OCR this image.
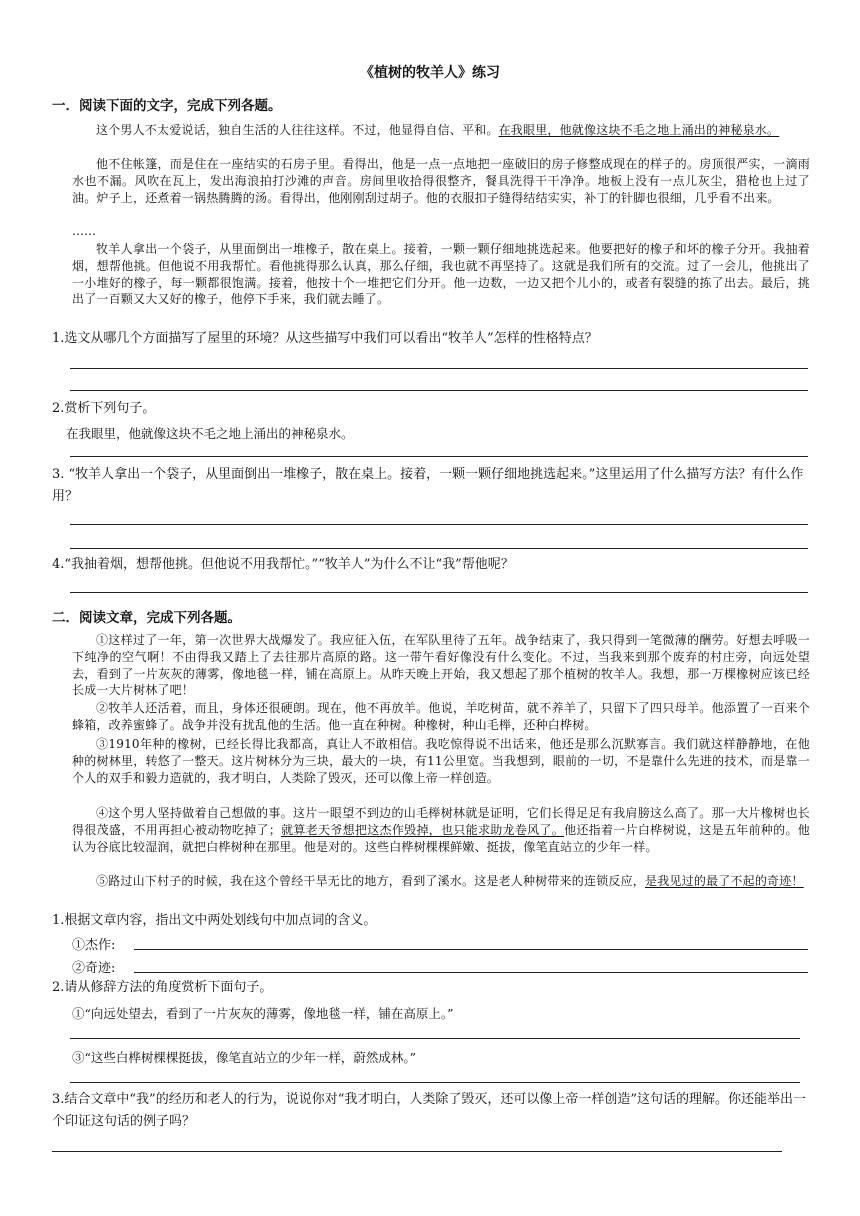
《植树的牧羊人》练习
一．阅读下面的文字，完成下列各题。

这个男人不太爱说话，独自生活的人往往这样。不过，他显得自信、平和。在我眼里，他就像这块不毛之地上涌出的神秘泉水。

他不住帐篷，而是住在一座结实的石房子里。看得出，他是一点一点地把一座破旧的房子修整成现在的样子的。房顶很严实，一滴雨水也不漏。风吹在瓦上，发出海浪拍打沙滩的声音。房间里收拾得很整齐，餐具洗得干干净净。地板上没有一点儿灰尘，猎枪也上过了油。炉子上，还煮着一锅热腾腾的汤。看得出，他刚刚刮过胡子。他的衣服扣子缝得结结实实，补丁的针脚也很细，几乎看不出来。

……

牧羊人拿出一个袋子，从里面倒出一堆橡子，散在桌上。接着，一颗一颗仔细地挑选起来。他要把好的橡子和坏的橡子分开。我抽着烟，想帮他挑。但他说不用我帮忙。看他挑得那么认真，那么仔细，我也就不再坚持了。这就是我们所有的交流。过了一会儿，他挑出了一小堆好的橡子，每一颗都很饱满。接着，他按十个一堆把它们分开。他一边数，一边又把个儿小的，或者有裂缝的拣了出去。最后，挑出了一百颗又大又好的橡子，他停下手来，我们就去睡了。

1.选文从哪几个方面描写了屋里的环境？从这些描写中我们可以看出“牧羊人”怎样的性格特点？

2.赏析下列句子。

在我眼里，他就像这块不毛之地上涌出的神秘泉水。

3. “牧羊人拿出一个袋子，从里面倒出一堆橡子，散在桌上。接着，一颗一颗仔细地挑选起来。”这里运用了什么描写方法？有什么作用？

4.“我抽着烟，想帮他挑。但他说不用我帮忙。”“牧羊人”为什么不让“我”帮他呢？

二．阅读文章，完成下列各题。

①这样过了一年，第一次世界大战爆发了。我应征入伍，在军队里待了五年。战争结束了，我只得到一笔微薄的酬劳。好想去呼吸一下纯净的空气啊！不由得我又踏上了去往那片高原的路。这一带午看好像没有什么变化。不过，当我来到那个废弃的村庄旁，向远处望去，看到了一片灰灰的薄雾，像地毯一样，铺在高原上。从昨天晚上开始，我又想起了那个植树的牧羊人。我想，那一万棵橡树应该已经长成一大片树林了吧！

②牧羊人还活着，而且，身体还很硬朗。现在，他不再放羊。他说，羊吃树苗，就不养羊了，只留下了四只母羊。他添置了一百来个蜂箱，改养蜜蜂了。战争并没有扰乱他的生活。他一直在种树。种橡树，种山毛榉，还种白桦树。

③1910年种的橡树，已经长得比我都高，真让人不敢相信。我吃惊得说不出话来，他还是那么沉默寡言。我们就这样静静地，在他种的树林里，转悠了一整天。这片树林分为三块，最大的一块，有11公里宽。当我想到，眼前的一切，不是靠什么先进的技术，而是靠一个人的双手和毅力造就的，我才明白，人类除了毁灭，还可以像上帝一样创造。

④这个男人坚持做着自己想做的事。这片一眼望不到边的山毛榉树林就是证明，它们长得足足有我肩膀这么高了。那一大片橡树也长得很茂盛，不用再担心被动物吃掉了；就算老天爷想把这杰作毁掉，也只能求助龙卷风了。他还指着一片白桦树说，这是五年前种的。他认为谷底比较湿润，就把白桦树种在那里。他是对的。这些白桦树棵棵鲜嫩、挺拔，像笔直站立的少年一样。

⑤路过山下村子的时候，我在这个曾经干旱无比的地方，看到了溪水。这是老人种树带来的连锁反应，是我见过的最了不起的奇迹！

1.根据文章内容，指出文中两处划线句中加点词的含义。

①杰作:
②奇迹:

2.请从修辞方法的角度赏析下面句子。

①“向远处望去，看到了一片灰灰的薄雾，像地毯一样，铺在高原上。”

③“这些白桦树棵棵挺拔，像笔直站立的少年一样，蔚然成林。”

3.结合文章中“我”的经历和老人的行为，说说你对“我才明白，人类除了毁灭，还可以像上帝一样创造”这句话的理解。你还能举出一个印证这句话的例子吗？
